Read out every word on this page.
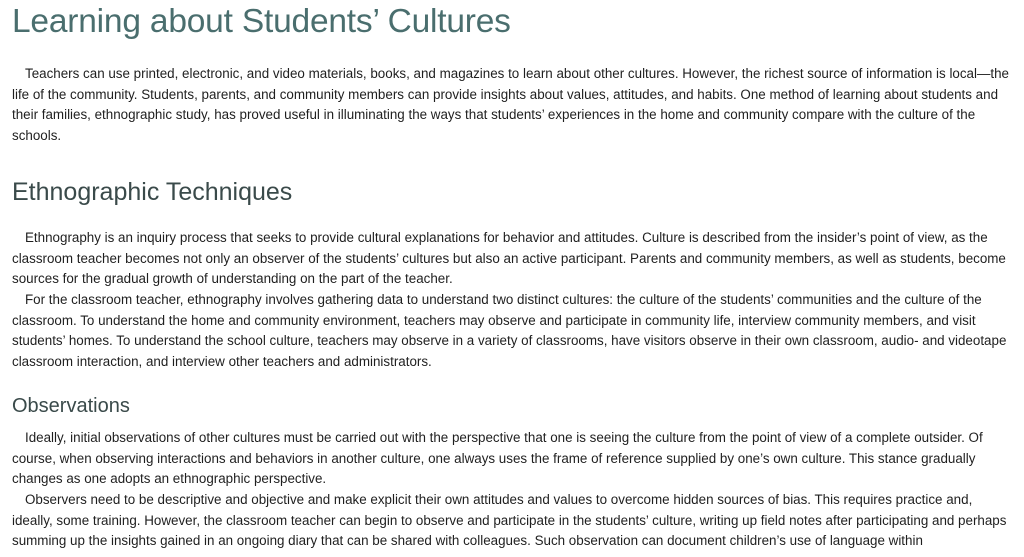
Learning about Students’ Cultures

Teachers can use printed, electronic, and video materials, books, and magazines to learn about other cultures. However, the richest source of information is local—the life of the community. Students, parents, and community members can provide insights about values, attitudes, and habits. One method of learning about students and their families, ethnographic study, has proved useful in illuminating the ways that students’ experiences in the home and community compare with the culture of the schools.

Ethnographic Techniques

Ethnography is an inquiry process that seeks to provide cultural explanations for behavior and attitudes. Culture is described from the insider’s point of view, as the classroom teacher becomes not only an observer of the students’ cultures but also an active participant. Parents and community members, as well as students, become sources for the gradual growth of understanding on the part of the teacher.

For the classroom teacher, ethnography involves gathering data to understand two distinct cultures: the culture of the students’ communities and the culture of the classroom. To understand the home and community environment, teachers may observe and participate in community life, interview community members, and visit students’ homes. To understand the school culture, teachers may observe in a variety of classrooms, have visitors observe in their own classroom, audio- and videotape classroom interaction, and interview other teachers and administrators.

Observations

Ideally, initial observations of other cultures must be carried out with the perspective that one is seeing the culture from the point of view of a complete outsider. Of course, when observing interactions and behaviors in another culture, one always uses the frame of reference supplied by one’s own culture. This stance gradually changes as one adopts an ethnographic perspective.

Observers need to be descriptive and objective and make explicit their own attitudes and values to overcome hidden sources of bias. This requires practice and, ideally, some training. However, the classroom teacher can begin to observe and participate in the students’ culture, writing up field notes after participating and perhaps summing up the insights gained in an ongoing diary that can be shared with colleagues. Such observation can document children’s use of language within
